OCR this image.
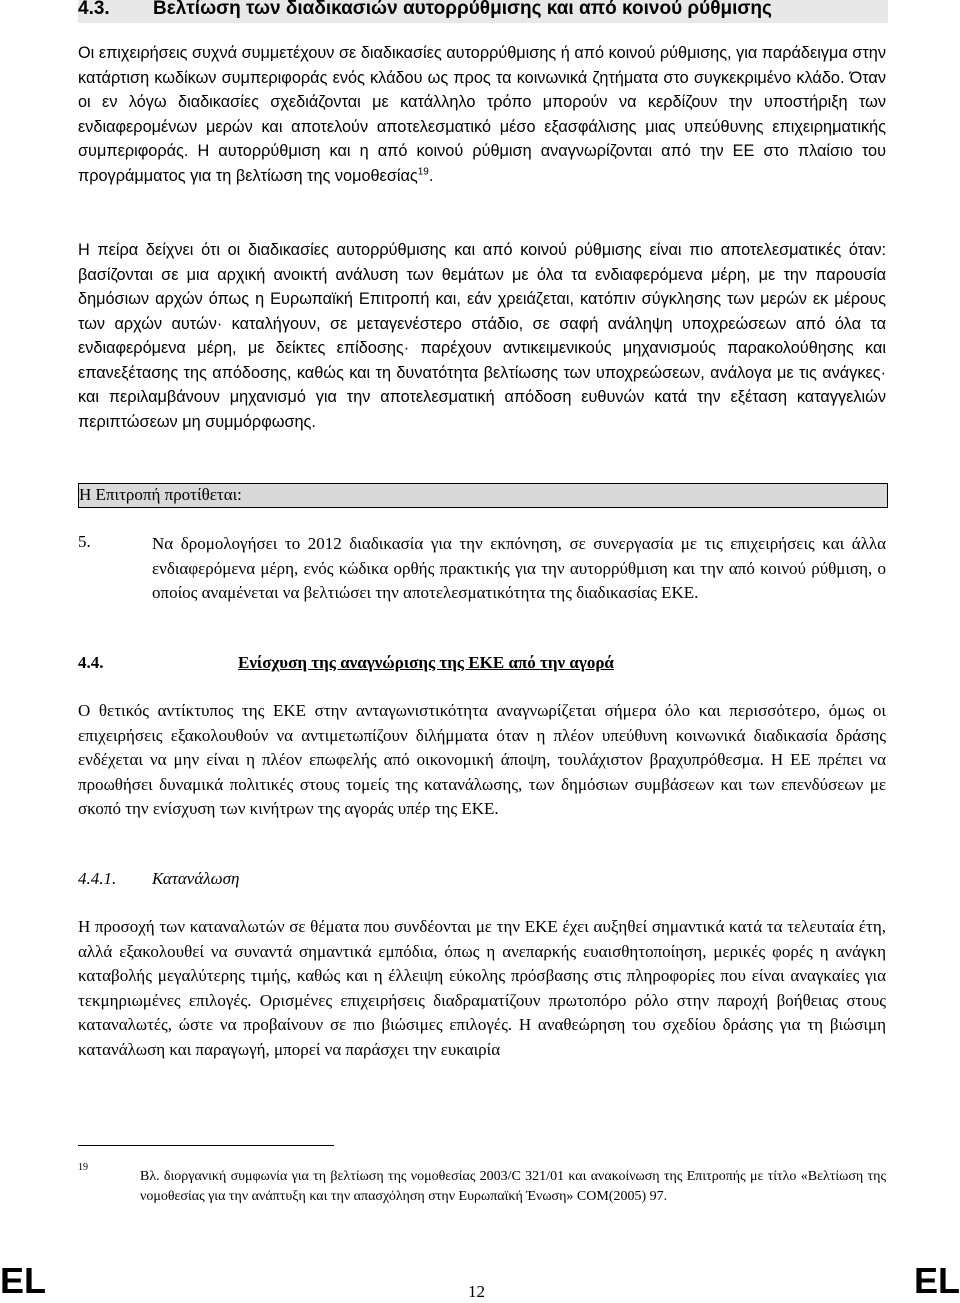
4.3. Βελτίωση των διαδικασιών αυτορρύθμισης και από κοινού ρύθμισης

Οι επιχειρήσεις συχνά συμμετέχουν σε διαδικασίες αυτορρύθμισης ή από κοινού ρύθμισης, για παράδειγμα στην κατάρτιση κωδίκων συμπεριφοράς ενός κλάδου ως προς τα κοινωνικά ζητήματα στο συγκεκριμένο κλάδο. Όταν οι εν λόγω διαδικασίες σχεδιάζονται με κατάλληλο τρόπο μπορούν να κερδίζουν την υποστήριξη των ενδιαφερομένων μερών και αποτελούν αποτελεσματικό μέσο εξασφάλισης μιας υπεύθυνης επιχειρηματικής συμπεριφοράς. Η αυτορρύθμιση και η από κοινού ρύθμιση αναγνωρίζονται από την ΕΕ στο πλαίσιο του προγράμματος για τη βελτίωση της νομοθεσίας$^{19}$.

Η πείρα δείχνει ότι οι διαδικασίες αυτορρύθμισης και από κοινού ρύθμισης είναι πιο αποτελεσματικές όταν: βασίζονται σε μια αρχική ανοικτή ανάλυση των θεμάτων με όλα τα ενδιαφερόμενα μέρη, με την παρουσία δημόσιων αρχών όπως η Ευρωπαϊκή Επιτροπή και, εάν χρειάζεται, κατόπιν σύγκλησης των μερών εκ μέρους των αρχών αυτών· καταλήγουν, σε μεταγενέστερο στάδιο, σε σαφή ανάληψη υποχρεώσεων από όλα τα ενδιαφερόμενα μέρη, με δείκτες επίδοσης· παρέχουν αντικειμενικούς μηχανισμούς παρακολούθησης και επανεξέτασης της απόδοσης, καθώς και τη δυνατότητα βελτίωσης των υποχρεώσεων, ανάλογα με τις ανάγκες· και περιλαμβάνουν μηχανισμό για την αποτελεσματική απόδοση ευθυνών κατά την εξέταση καταγγελιών περιπτώσεων μη συμμόρφωσης.

Η Επιτροπή προτίθεται:
5.	Να δρομολογήσει το 2012 διαδικασία για την εκπόνηση, σε συνεργασία με τις επιχειρήσεις και άλλα ενδιαφερόμενα μέρη, ενός κώδικα ορθής πρακτικής για την αυτορρύθμιση και την από κοινού ρύθμιση, ο οποίος αναμένεται να βελτιώσει την αποτελεσματικότητα της διαδικασίας ΕΚΕ.

4.4.	Ενίσχυση της αναγνώρισης της ΕΚΕ από την αγορά

Ο θετικός αντίκτυπος της ΕΚΕ στην ανταγωνιστικότητα αναγνωρίζεται σήμερα όλο και περισσότερο, όμως οι επιχειρήσεις εξακολουθούν να αντιμετωπίζουν διλήμματα όταν η πλέον υπεύθυνη κοινωνικά διαδικασία δράσης ενδέχεται να μην είναι η πλέον επωφελής από οικονομική άποψη, τουλάχιστον βραχυπρόθεσμα. Η ΕΕ πρέπει να προωθήσει δυναμικά πολιτικές στους τομείς της κατανάλωσης, των δημόσιων συμβάσεων και των επενδύσεων με σκοπό την ενίσχυση των κινήτρων της αγοράς υπέρ της ΕΚΕ.

4.4.1. Κατανάλωση

Η προσοχή των καταναλωτών σε θέματα που συνδέονται με την ΕΚΕ έχει αυξηθεί σημαντικά κατά τα τελευταία έτη, αλλά εξακολουθεί να συναντά σημαντικά εμπόδια, όπως η ανεπαρκής ευαισθητοποίηση, μερικές φορές η ανάγκη καταβολής μεγαλύτερης τιμής, καθώς και η έλλειψη εύκολης πρόσβασης στις πληροφορίες που είναι αναγκαίες για τεκμηριωμένες επιλογές. Ορισμένες επιχειρήσεις διαδραματίζουν πρωτοπόρο ρόλο στην παροχή βοήθειας στους καταναλωτές, ώστε να προβαίνουν σε πιο βιώσιμες επιλογές. Η αναθεώρηση του σχεδίου δράσης για τη βιώσιμη κατανάλωση και παραγωγή, μπορεί να παράσχει την ευκαιρία

19

Βλ. διοργανική συμφωνία για τη βελτίωση της νομοθεσίας 2003/C 321/01 και ανακοίνωση της Επιτροπής με τίτλο «Βελτίωση της νομοθεσίας για την ανάπτυξη και την απασχόληση στην Ευρωπαϊκή Ένωση» COM(2005) 97.

EL	12	EL
